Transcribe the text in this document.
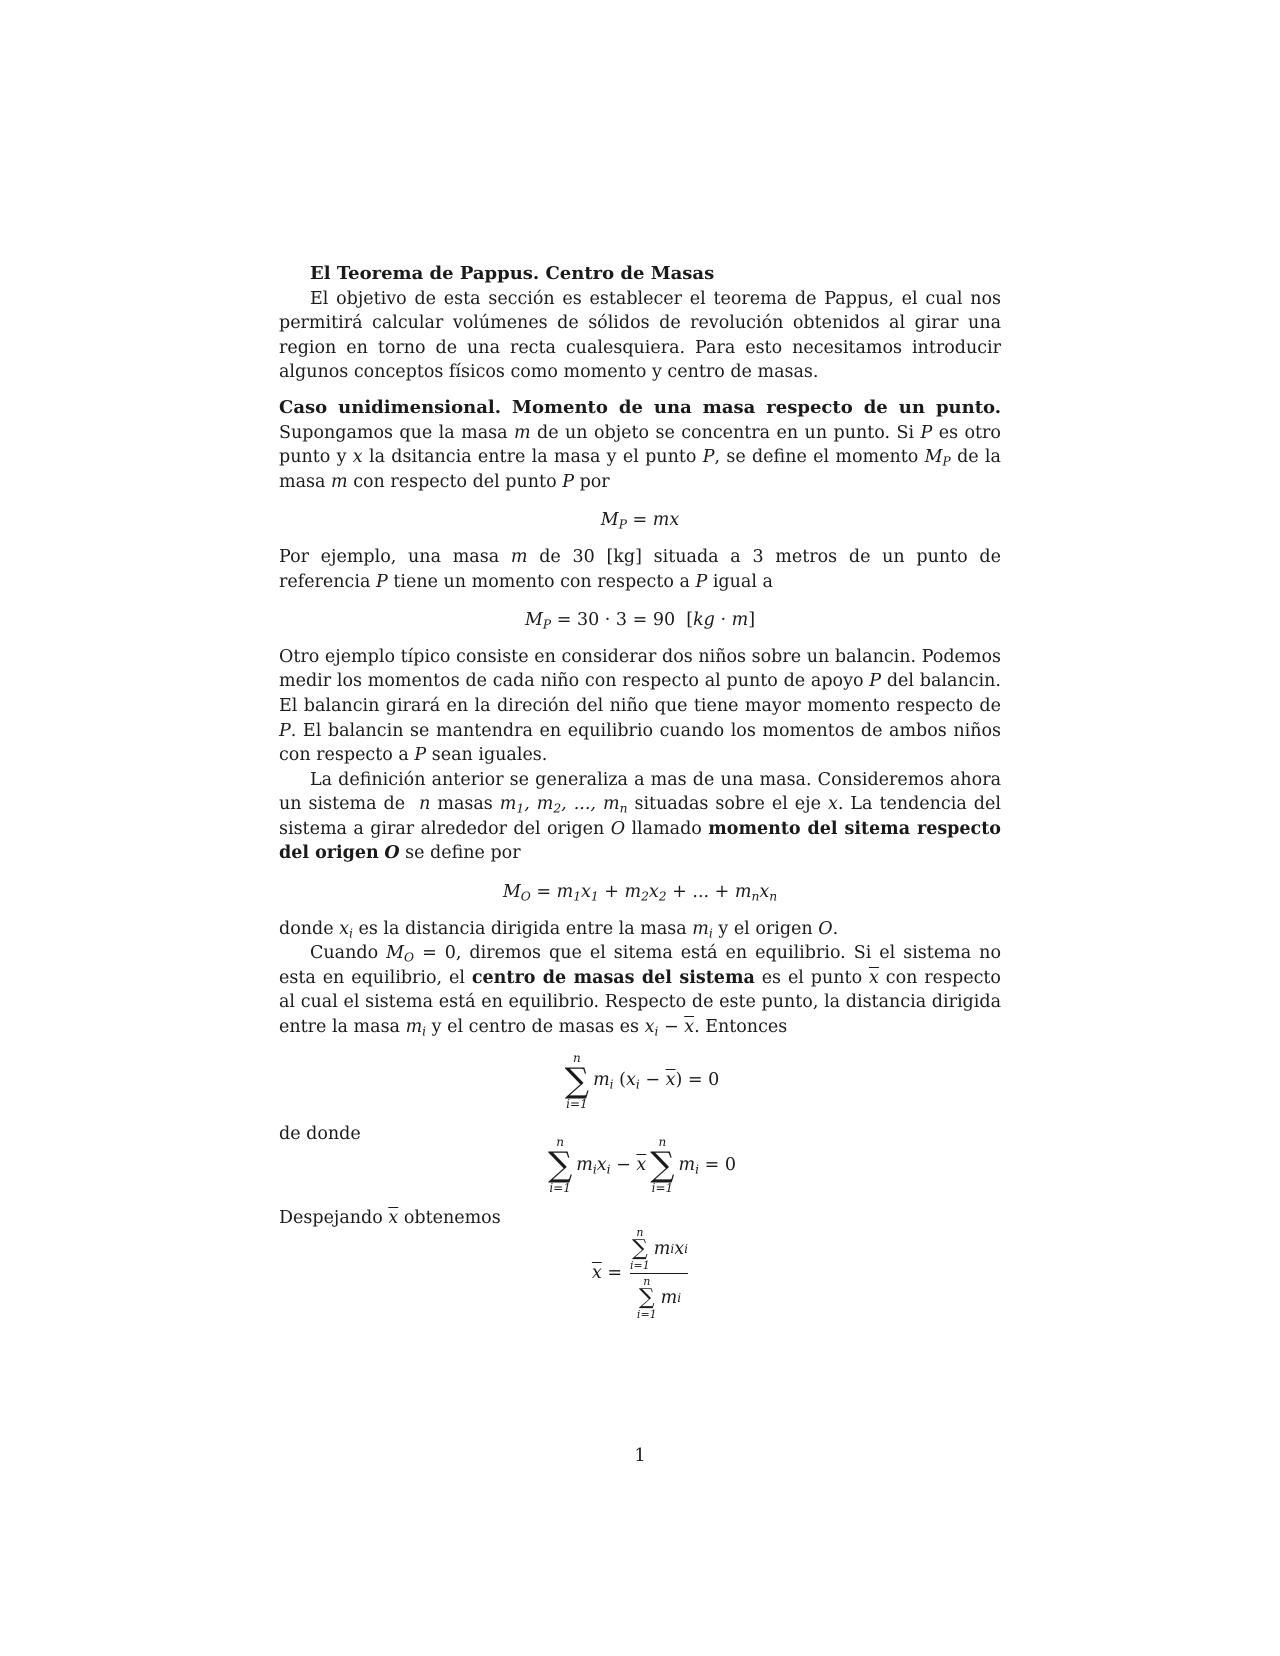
El Teorema de Pappus. Centro de Masas

El objetivo de esta sección es establecer el teorema de Pappus, el cual nos permitirá calcular volúmenes de sólidos de revolución obtenidos al girar una region en torno de una recta cualesquiera. Para esto necesitamos introducir algunos conceptos físicos como momento y centro de masas.

Caso unidimensional. Momento de una masa respecto de un punto. Supongamos que la masa m de un objeto se concentra en un punto. Si P es otro punto y x la dsitancia entre la masa y el punto P, se define el momento $M_P$ de la masa m con respecto del punto P por

$M_P$ = mx

Por ejemplo, una masa m de 30 [kg] situada a 3 metros de un punto de referencia P tiene un momento con respecto a P igual a

$M_P = 30 \cdot 3 = 90$  [kg · m]

Otro ejemplo típico consiste en considerar dos niños sobre un balancin. Podemos medir los momentos de cada niño con respecto al punto de apoyo P del balancin. El balancin girará en la direción del niño que tiene mayor momento respecto de P. El balancin se mantendra en equilibrio cuando los momentos de ambos niños con respecto a P sean iguales.

La definición anterior se generaliza a mas de una masa. Consideremos ahora un sistema de n masas $m_1$, $m_2$, ..., $m_n$ situadas sobre el eje x. La tendencia del sistema a girar alrededor del origen O llamado momento del sitema respecto del origen O se define por

$M_O = m_1x_1 + m_2x_2$ + ... + $m_nx_n$

donde $x_i$ es la distancia dirigida entre la masa $m_i$ y el origen O.

Cuando $M_O = 0$, diremos que el sitema está en equilibrio. Si el sistema no esta en equilibrio, el centro de masas del sistema es el punto $\overline{x}$ con respecto al cual el sistema está en equilibrio. Respecto de este punto, la distancia dirigida entre la masa $m_i$ y el centro de masas es $x_i - \overline{x}$. Entonces

n
∑
i=1
$m_i$ $(x_i - \overline{x}) = 0$

de donde	n
∑
i=1
$m_ix_i - \overline{x}$
n
∑
i=1
$m_i = 0$

Despejando $\overline{x}$ obtenemos

$\overline{x}$
= n
∑
i=1
m i x i
n
∑
i=1
m i
1
